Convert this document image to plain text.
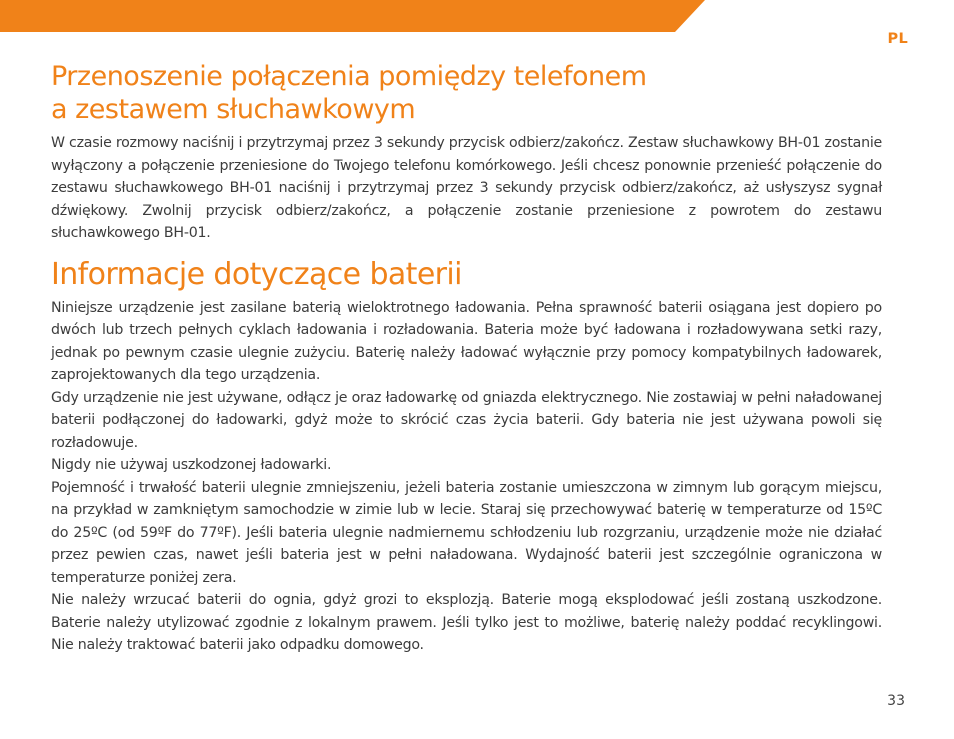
PL
Przenoszenie połączenia pomiędzy telefonem
a zestawem słuchawkowym

W czasie rozmowy naciśnij i przytrzymaj przez 3 sekundy przycisk odbierz/zakończ. Zestaw słuchawkowy BH-01 zostanie wyłączony a połączenie przeniesione do Twojego telefonu komórkowego. Jeśli chcesz ponownie przenieść połączenie do zestawu słuchawkowego BH-01 naciśnij i przytrzymaj przez 3 sekundy przycisk odbierz/zakończ, aż usłyszysz sygnał dźwiękowy. Zwolnij przycisk odbierz/zakończ, a połączenie zostanie przeniesione z powrotem do zestawu słuchawkowego BH-01.

Informacje dotyczące baterii

Niniejsze urządzenie jest zasilane baterią wieloktrotnego ładowania. Pełna sprawność baterii osiągana jest dopiero po dwóch lub trzech pełnych cyklach ładowania i rozładowania. Bateria może być ładowana i rozładowywana setki razy, jednak po pewnym czasie ulegnie zużyciu. Baterię należy ładować wyłącznie przy pomocy kompatybilnych ładowarek, zaprojektowanych dla tego urządzenia.

Gdy urządzenie nie jest używane, odłącz je oraz ładowarkę od gniazda elektrycznego. Nie zostawiaj w pełni naładowanej baterii podłączonej do ładowarki, gdyż może to skrócić czas życia baterii. Gdy bateria nie jest używana powoli się rozładowuje.

Nigdy nie używaj uszkodzonej ładowarki.

Pojemność i trwałość baterii ulegnie zmniejszeniu, jeżeli bateria zostanie umieszczona w zimnym lub gorącym miejscu, na przykład w zamkniętym samochodzie w zimie lub w lecie. Staraj się przechowywać baterię w temperaturze od 15ºC do 25ºC (od 59ºF do 77ºF). Jeśli bateria ulegnie nadmiernemu schłodzeniu lub rozgrzaniu, urządzenie może nie działać przez pewien czas, nawet jeśli bateria jest w pełni naładowana. Wydajność baterii jest szczególnie ograniczona w temperaturze poniżej zera.

Nie należy wrzucać baterii do ognia, gdyż grozi to eksplozją. Baterie mogą eksplodować jeśli zostaną uszkodzone. Baterie należy utylizować zgodnie z lokalnym prawem. Jeśli tylko jest to możliwe, baterię należy poddać recyklingowi. Nie należy traktować baterii jako odpadku domowego.

33
